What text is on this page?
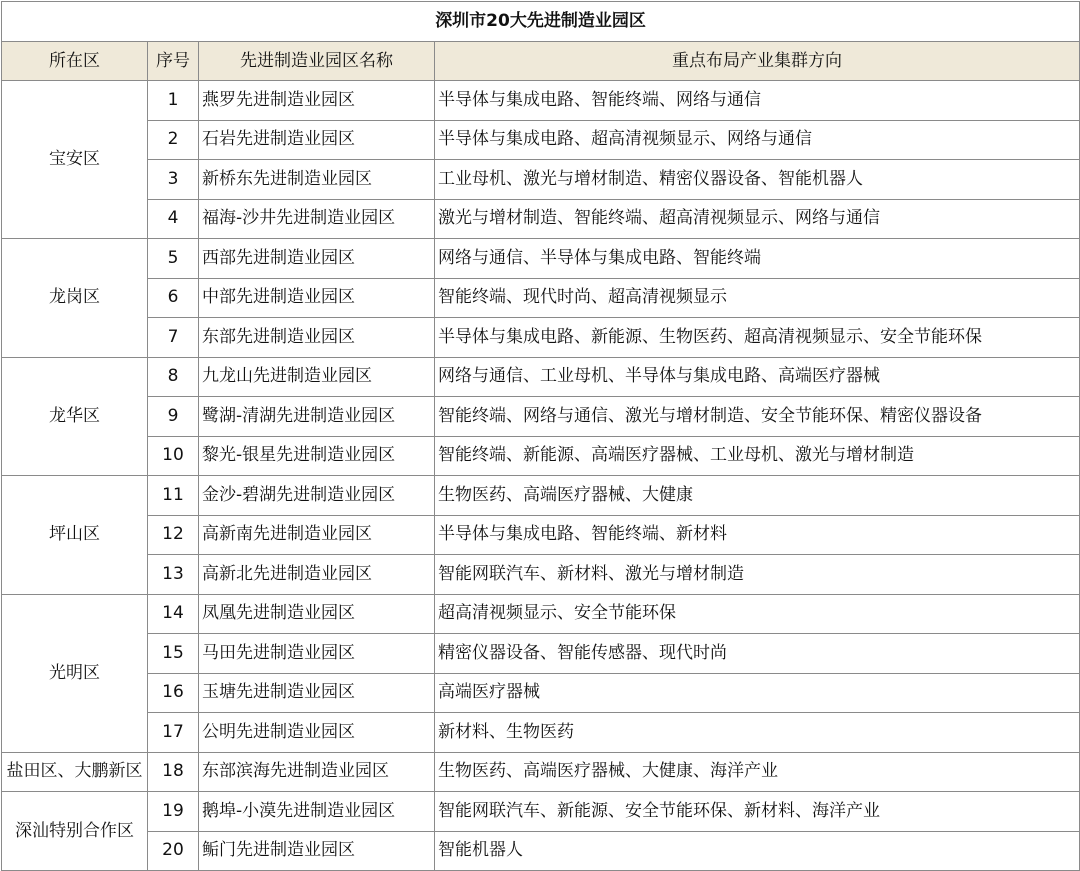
深圳市20大先进制造业园区			
所在区	序号	先进制造业园区名称	重点布局产业集群方向
宝安区	1	燕罗先进制造业园区	半导体与集成电路、智能终端、网络与通信
	2	石岩先进制造业园区	半导体与集成电路、超高清视频显示、网络与通信
	3	新桥东先进制造业园区	工业母机、激光与增材制造、精密仪器设备、智能机器人
	4	福海-沙井先进制造业园区	激光与增材制造、智能终端、超高清视频显示、网络与通信
龙岗区	5	西部先进制造业园区	网络与通信、半导体与集成电路、智能终端
	6	中部先进制造业园区	智能终端、现代时尚、超高清视频显示
	7	东部先进制造业园区	半导体与集成电路、新能源、生物医药、超高清视频显示、安全节能环保
龙华区	8	九龙山先进制造业园区	网络与通信、工业母机、半导体与集成电路、高端医疗器械
	9	鹭湖-清湖先进制造业园区	智能终端、网络与通信、激光与增材制造、安全节能环保、精密仪器设备
	10	黎光-银星先进制造业园区	智能终端、新能源、高端医疗器械、工业母机、激光与增材制造
坪山区	11	金沙-碧湖先进制造业园区	生物医药、高端医疗器械、大健康
	12	高新南先进制造业园区	半导体与集成电路、智能终端、新材料
	13	高新北先进制造业园区	智能网联汽车、新材料、激光与增材制造
光明区	14	凤凰先进制造业园区	超高清视频显示、安全节能环保
	15	马田先进制造业园区	精密仪器设备、智能传感器、现代时尚
	16	玉塘先进制造业园区	高端医疗器械
	17	公明先进制造业园区	新材料、生物医药
盐田区、大鹏新区	18	东部滨海先进制造业园区	生物医药、高端医疗器械、大健康、海洋产业
深汕特别合作区	19	鹅埠-小漠先进制造业园区	智能网联汽车、新能源、安全节能环保、新材料、海洋产业
	20	鲘门先进制造业园区	智能机器人
